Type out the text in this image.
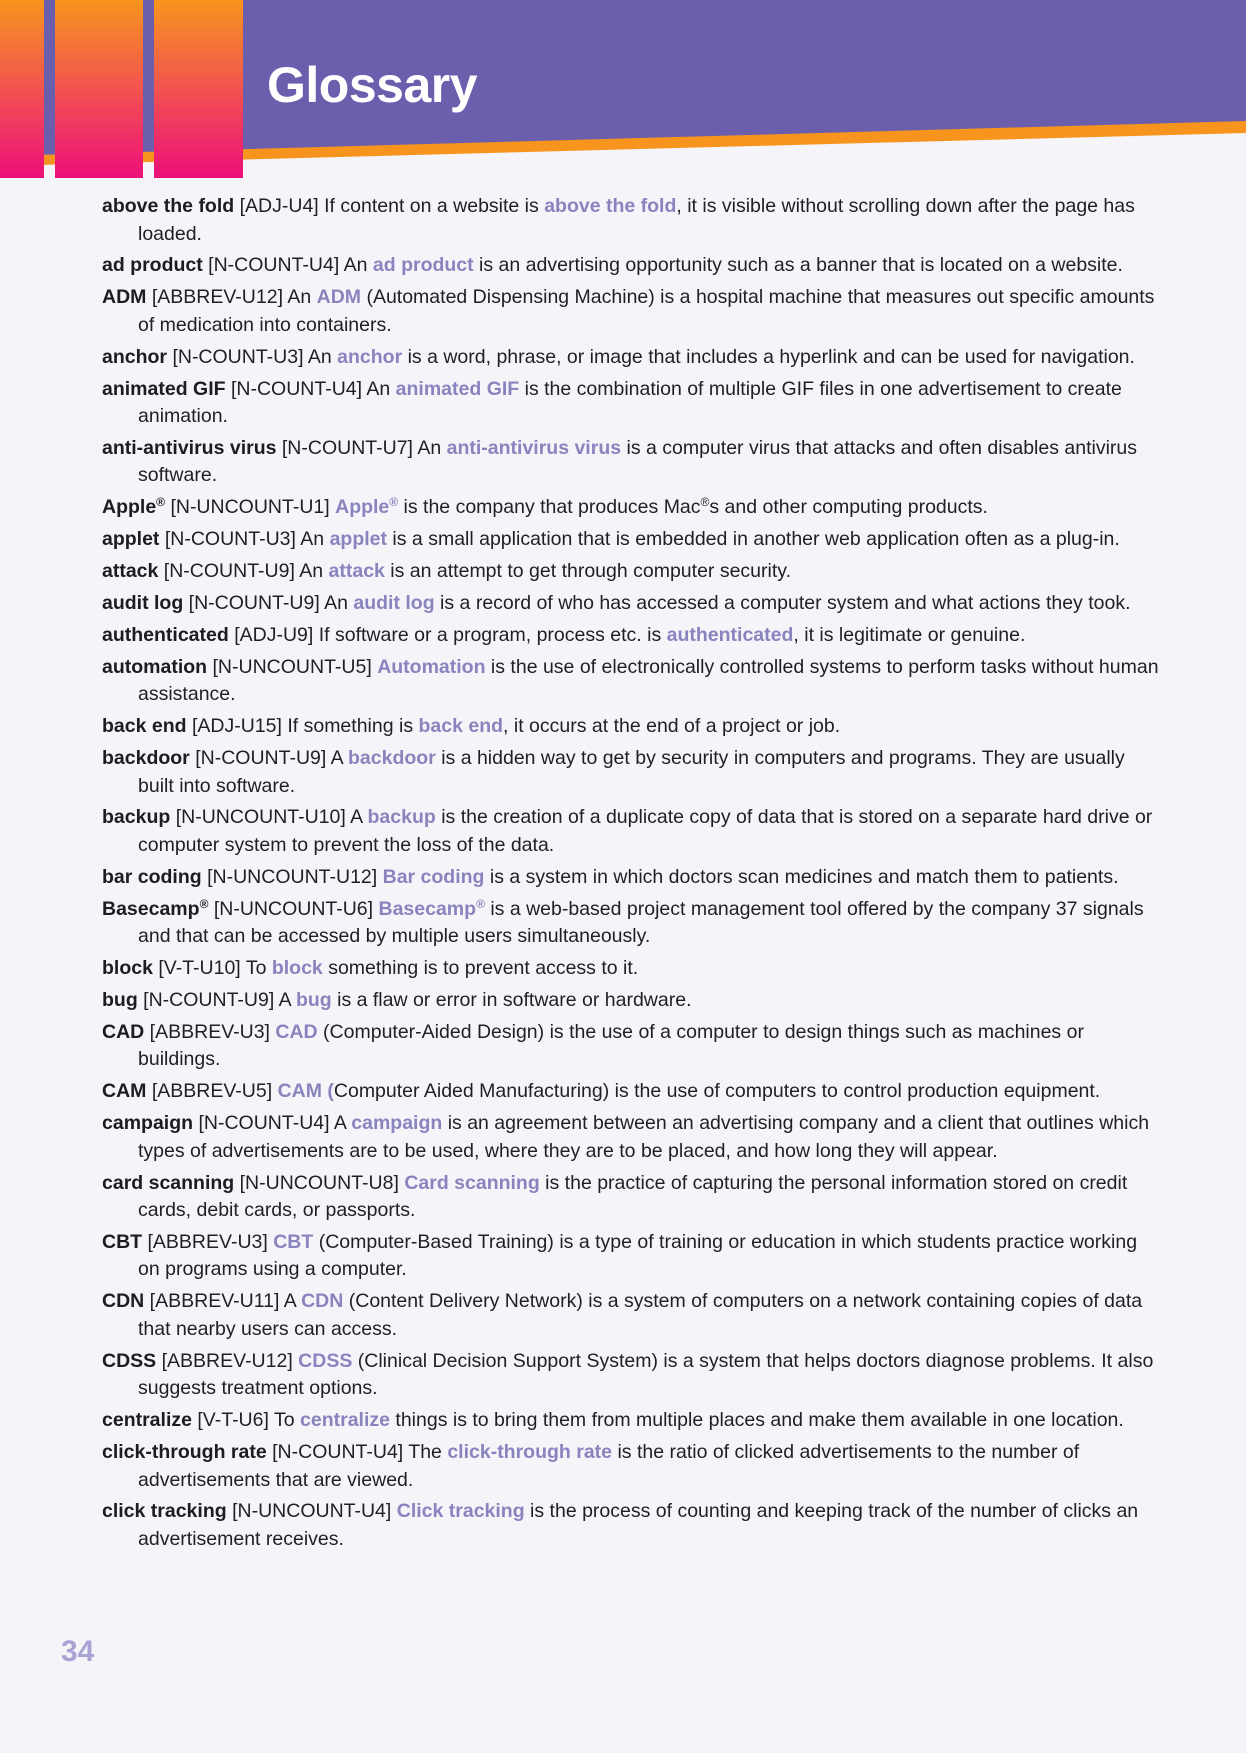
Glossary
above the fold [ADJ-U4] If content on a website is above the fold, it is visible without scrolling down after the page has loaded.
ad product [N-COUNT-U4] An ad product is an advertising opportunity such as a banner that is located on a website.
ADM [ABBREV-U12] An ADM (Automated Dispensing Machine) is a hospital machine that measures out specific amounts of medication into containers.
anchor [N-COUNT-U3] An anchor is a word, phrase, or image that includes a hyperlink and can be used for navigation.
animated GIF [N-COUNT-U4] An animated GIF is the combination of multiple GIF files in one advertisement to create animation.
anti-antivirus virus [N-COUNT-U7] An anti-antivirus virus is a computer virus that attacks and often disables antivirus software.
Apple® [N-UNCOUNT-U1] Apple® is the company that produces Mac®s and other computing products.
applet [N-COUNT-U3] An applet is a small application that is embedded in another web application often as a plug-in.
attack [N-COUNT-U9] An attack is an attempt to get through computer security.
audit log [N-COUNT-U9] An audit log is a record of who has accessed a computer system and what actions they took.
authenticated [ADJ-U9] If software or a program, process etc. is authenticated, it is legitimate or genuine.
automation [N-UNCOUNT-U5] Automation is the use of electronically controlled systems to perform tasks without human assistance.
back end [ADJ-U15] If something is back end, it occurs at the end of a project or job.
backdoor [N-COUNT-U9] A backdoor is a hidden way to get by security in computers and programs. They are usually built into software.
backup [N-UNCOUNT-U10] A backup is the creation of a duplicate copy of data that is stored on a separate hard drive or computer system to prevent the loss of the data.
bar coding [N-UNCOUNT-U12] Bar coding is a system in which doctors scan medicines and match them to patients.
Basecamp® [N-UNCOUNT-U6] Basecamp® is a web-based project management tool offered by the company 37 signals and that can be accessed by multiple users simultaneously.
block [V-T-U10] To block something is to prevent access to it.
bug [N-COUNT-U9] A bug is a flaw or error in software or hardware.
CAD [ABBREV-U3] CAD (Computer-Aided Design) is the use of a computer to design things such as machines or buildings.
CAM [ABBREV-U5] CAM (Computer Aided Manufacturing) is the use of computers to control production equipment.
campaign [N-COUNT-U4] A campaign is an agreement between an advertising company and a client that outlines which types of advertisements are to be used, where they are to be placed, and how long they will appear.
card scanning [N-UNCOUNT-U8] Card scanning is the practice of capturing the personal information stored on credit cards, debit cards, or passports.
CBT [ABBREV-U3] CBT (Computer-Based Training) is a type of training or education in which students practice working on programs using a computer.
CDN [ABBREV-U11] A CDN (Content Delivery Network) is a system of computers on a network containing copies of data that nearby users can access.
CDSS [ABBREV-U12] CDSS (Clinical Decision Support System) is a system that helps doctors diagnose problems. It also suggests treatment options.
centralize [V-T-U6] To centralize things is to bring them from multiple places and make them available in one location.
click-through rate [N-COUNT-U4] The click-through rate is the ratio of clicked advertisements to the number of advertisements that are viewed.
click tracking [N-UNCOUNT-U4] Click tracking is the process of counting and keeping track of the number of clicks an advertisement receives.

34
